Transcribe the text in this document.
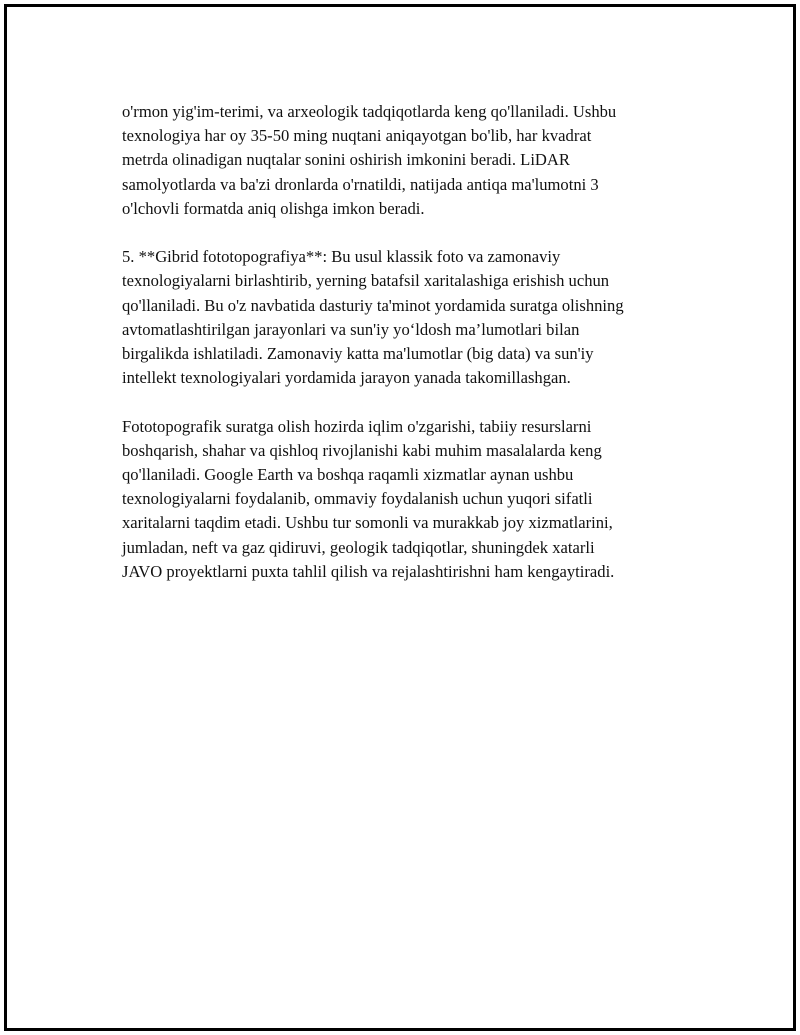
o'rmon yig'im-terimi, va arxeologik tadqiqotlarda keng qo'llaniladi. Ushbu
texnologiya har oy 35-50 ming nuqtani aniqayotgan bo'lib, har kvadrat
metrda olinadigan nuqtalar sonini oshirish imkonini beradi. LiDAR
samolyotlarda va ba'zi dronlarda o'rnatildi, natijada antiqa ma'lumotni 3
o'lchovli formatda aniq olishga imkon beradi.

5. **Gibrid fototopografiya**: Bu usul klassik foto va zamonaviy
texnologiyalarni birlashtirib, yerning batafsil xaritalashiga erishish uchun
qo'llaniladi. Bu o'z navbatida dasturiy ta'minot yordamida suratga olishning
avtomatlashtirilgan jarayonlari va sun'iy yo‘ldosh ma’lumotlari bilan
birgalikda ishlatiladi. Zamonaviy katta ma'lumotlar (big data) va sun'iy
intellekt texnologiyalari yordamida jarayon yanada takomillashgan.

Fototopografik suratga olish hozirda iqlim o'zgarishi, tabiiy resurslarni
boshqarish, shahar va qishloq rivojlanishi kabi muhim masalalarda keng
qo'llaniladi. Google Earth va boshqa raqamli xizmatlar aynan ushbu
texnologiyalarni foydalanib, ommaviy foydalanish uchun yuqori sifatli
xaritalarni taqdim etadi. Ushbu tur somonli va murakkab joy xizmatlarini,
jumladan, neft va gaz qidiruvi, geologik tadqiqotlar, shuningdek xatarli
JAVO proyektlarni puxta tahlil qilish va rejalashtirishni ham kengaytiradi.
